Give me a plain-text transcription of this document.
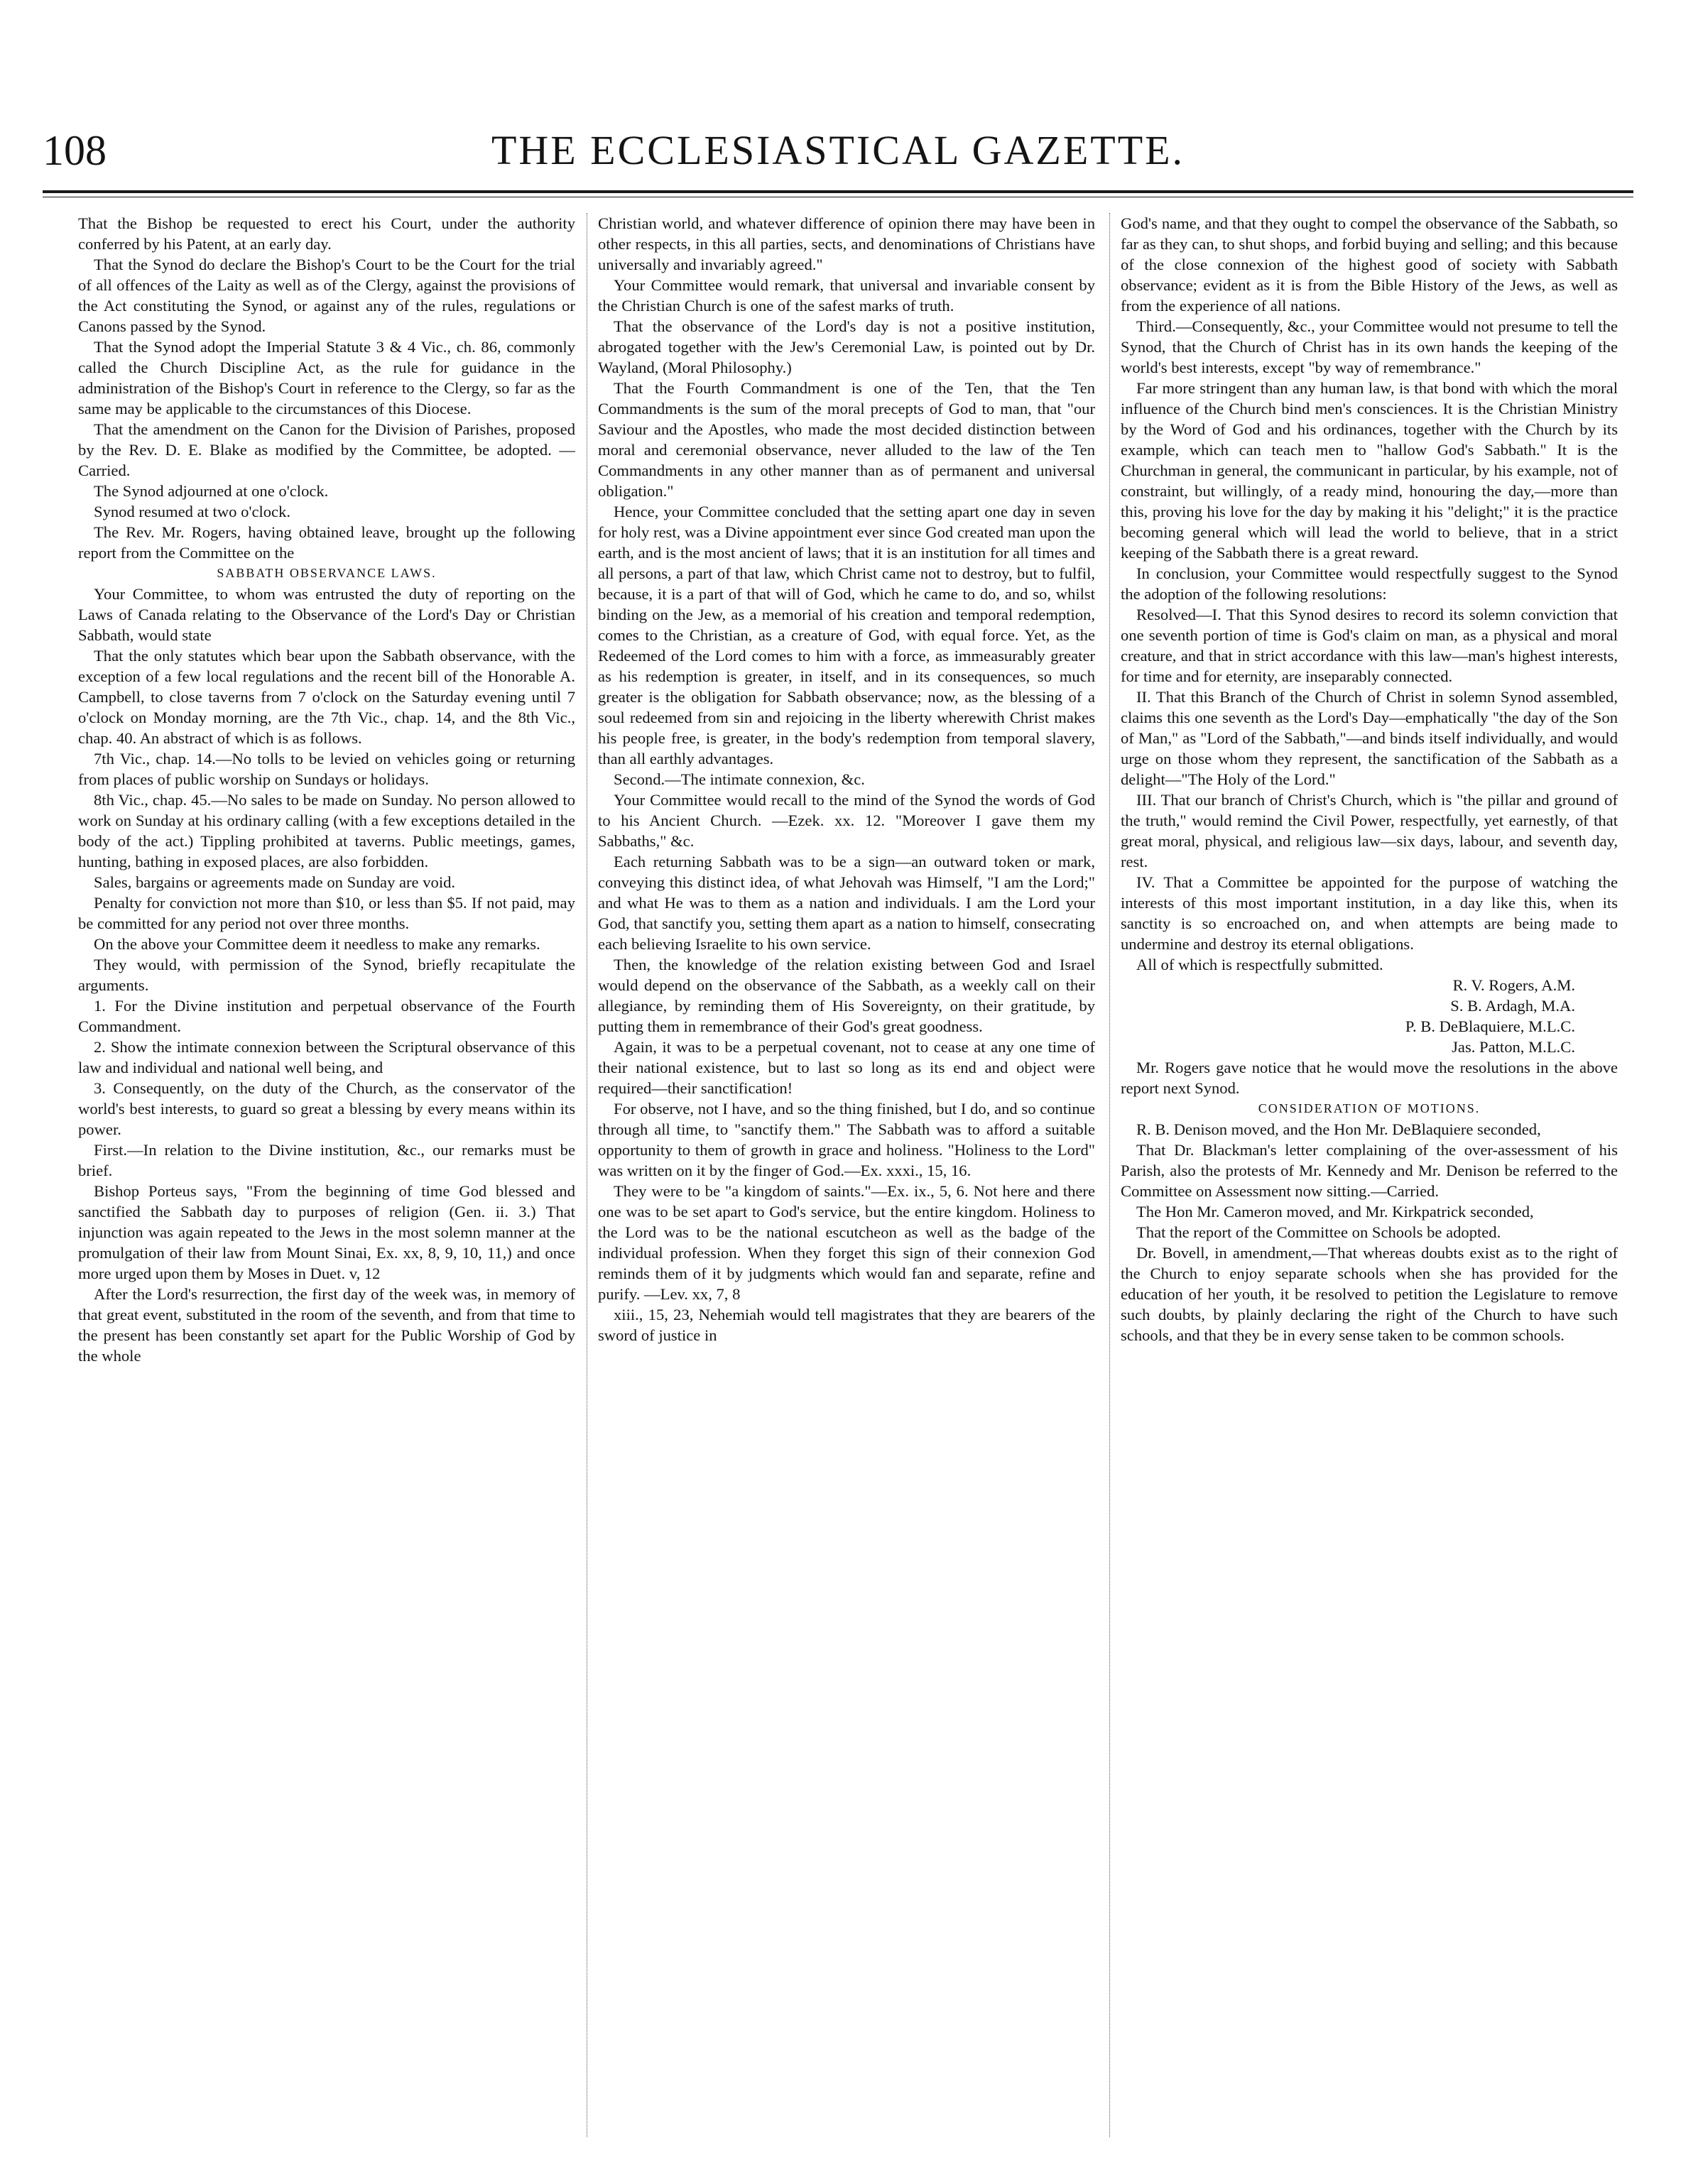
108	THE ECCLESIASTICAL GAZETTE.

That the Bishop be requested to erect his Court, under the authority conferred by his Patent, at an early day.

That the Synod do declare the Bishop's Court to be the Court for the trial of all offences of the Laity as well as of the Clergy, against the provisions of the Act constituting the Synod, or against any of the rules, regulations or Canons passed by the Synod.

That the Synod adopt the Imperial Statute 3 & 4 Vic., ch. 86, commonly called the Church Discipline Act, as the rule for guidance in the administration of the Bishop's Court in reference to the Clergy, so far as the same may be applicable to the circumstances of this Diocese.

That the amendment on the Canon for the Division of Parishes, proposed by the Rev. D. E. Blake as modified by the Committee, be adopted. —Carried.

The Synod adjourned at one o'clock.

Synod resumed at two o'clock.

The Rev. Mr. Rogers, having obtained leave, brought up the following report from the Committee on the

SABBATH OBSERVANCE LAWS.

Your Committee, to whom was entrusted the duty of reporting on the Laws of Canada relating to the Observance of the Lord's Day or Christian Sabbath, would state

That the only statutes which bear upon the Sabbath observance, with the exception of a few local regulations and the recent bill of the Honorable A. Campbell, to close taverns from 7 o'clock on the Saturday evening until 7 o'clock on Monday morning, are the 7th Vic., chap. 14, and the 8th Vic., chap. 40. An abstract of which is as follows.

7th Vic., chap. 14.—No tolls to be levied on vehicles going or returning from places of public worship on Sundays or holidays.

8th Vic., chap. 45.—No sales to be made on Sunday. No person allowed to work on Sunday at his ordinary calling (with a few exceptions detailed in the body of the act.) Tippling prohibited at taverns. Public meetings, games, hunting, bathing in exposed places, are also forbidden.

Sales, bargains or agreements made on Sunday are void.

Penalty for conviction not more than $10, or less than $5. If not paid, may be committed for any period not over three months.

On the above your Committee deem it needless to make any remarks.

They would, with permission of the Synod, briefly recapitulate the arguments.

1. For the Divine institution and perpetual observance of the Fourth Commandment.

2. Show the intimate connexion between the Scriptural observance of this law and individual and national well being, and

3. Consequently, on the duty of the Church, as the conservator of the world's best interests, to guard so great a blessing by every means within its power.

First.—In relation to the Divine institution, &c., our remarks must be brief.

Bishop Porteus says, "From the beginning of time God blessed and sanctified the Sabbath day to purposes of religion (Gen. ii. 3.) That injunction was again repeated to the Jews in the most solemn manner at the promulgation of their law from Mount Sinai, Ex. xx, 8, 9, 10, 11,) and once more urged upon them by Moses in Duet. v, 12

After the Lord's resurrection, the first day of the week was, in memory of that great event, substituted in the room of the seventh, and from that time to the present has been constantly set apart for the Public Worship of God by the whole

Christian world, and whatever difference of opinion there may have been in other respects, in this all parties, sects, and denominations of Christians have universally and invariably agreed."

Your Committee would remark, that universal and invariable consent by the Christian Church is one of the safest marks of truth.

That the observance of the Lord's day is not a positive institution, abrogated together with the Jew's Ceremonial Law, is pointed out by Dr. Wayland, (Moral Philosophy.)

That the Fourth Commandment is one of the Ten, that the Ten Commandments is the sum of the moral precepts of God to man, that "our Saviour and the Apostles, who made the most decided distinction between moral and ceremonial observance, never alluded to the law of the Ten Commandments in any other manner than as of permanent and universal obligation."

Hence, your Committee concluded that the setting apart one day in seven for holy rest, was a Divine appointment ever since God created man upon the earth, and is the most ancient of laws; that it is an institution for all times and all persons, a part of that law, which Christ came not to destroy, but to fulfil, because, it is a part of that will of God, which he came to do, and so, whilst binding on the Jew, as a memorial of his creation and temporal redemption, comes to the Christian, as a creature of God, with equal force. Yet, as the Redeemed of the Lord comes to him with a force, as immeasurably greater as his redemption is greater, in itself, and in its consequences, so much greater is the obligation for Sabbath observance; now, as the blessing of a soul redeemed from sin and rejoicing in the liberty wherewith Christ makes his people free, is greater, in the body's redemption from temporal slavery, than all earthly advantages.

Second.—The intimate connexion, &c.

Your Committee would recall to the mind of the Synod the words of God to his Ancient Church. —Ezek. xx. 12. "Moreover I gave them my Sabbaths," &c.

Each returning Sabbath was to be a sign—an outward token or mark, conveying this distinct idea, of what Jehovah was Himself, "I am the Lord;" and what He was to them as a nation and individuals. I am the Lord your God, that sanctify you, setting them apart as a nation to himself, consecrating each believing Israelite to his own service.

Then, the knowledge of the relation existing between God and Israel would depend on the observance of the Sabbath, as a weekly call on their allegiance, by reminding them of His Sovereignty, on their gratitude, by putting them in remembrance of their God's great goodness.

Again, it was to be a perpetual covenant, not to cease at any one time of their national existence, but to last so long as its end and object were required—their sanctification!

For observe, not I have, and so the thing finished, but I do, and so continue through all time, to "sanctify them." The Sabbath was to afford a suitable opportunity to them of growth in grace and holiness. "Holiness to the Lord" was written on it by the finger of God.—Ex. xxxi., 15, 16.

They were to be "a kingdom of saints."—Ex. ix., 5, 6. Not here and there one was to be set apart to God's service, but the entire kingdom. Holiness to the Lord was to be the national escutcheon as well as the badge of the individual profession. When they forget this sign of their connexion God reminds them of it by judgments which would fan and separate, refine and purify. —Lev. xx, 7, 8

xiii., 15, 23, Nehemiah would tell magistrates that they are bearers of the sword of justice in

God's name, and that they ought to compel the observance of the Sabbath, so far as they can, to shut shops, and forbid buying and selling; and this because of the close connexion of the highest good of society with Sabbath observance; evident as it is from the Bible History of the Jews, as well as from the experience of all nations.

Third.—Consequently, &c., your Committee would not presume to tell the Synod, that the Church of Christ has in its own hands the keeping of the world's best interests, except "by way of remembrance."

Far more stringent than any human law, is that bond with which the moral influence of the Church bind men's consciences. It is the Christian Ministry by the Word of God and his ordinances, together with the Church by its example, which can teach men to "hallow God's Sabbath." It is the Churchman in general, the communicant in particular, by his example, not of constraint, but willingly, of a ready mind, honouring the day,—more than this, proving his love for the day by making it his "delight;" it is the practice becoming general which will lead the world to believe, that in a strict keeping of the Sabbath there is a great reward.

In conclusion, your Committee would respectfully suggest to the Synod the adoption of the following resolutions:

Resolved—I. That this Synod desires to record its solemn conviction that one seventh portion of time is God's claim on man, as a physical and moral creature, and that in strict accordance with this law—man's highest interests, for time and for eternity, are inseparably connected.

II. That this Branch of the Church of Christ in solemn Synod assembled, claims this one seventh as the Lord's Day—emphatically "the day of the Son of Man," as "Lord of the Sabbath,"—and binds itself individually, and would urge on those whom they represent, the sanctification of the Sabbath as a delight—"The Holy of the Lord."

III. That our branch of Christ's Church, which is "the pillar and ground of the truth," would remind the Civil Power, respectfully, yet earnestly, of that great moral, physical, and religious law—six days, labour, and seventh day, rest.

IV. That a Committee be appointed for the purpose of watching the interests of this most important institution, in a day like this, when its sanctity is so encroached on, and when attempts are being made to undermine and destroy its eternal obligations.

All of which is respectfully submitted.

R. V. Rogers, A.M.

S. B. Ardagh, M.A.

P. B. DeBlaquiere, M.L.C.

Jas. Patton, M.L.C.

Mr. Rogers gave notice that he would move the resolutions in the above report next Synod.

CONSIDERATION OF MOTIONS.

R. B. Denison moved, and the Hon Mr. DeBlaquiere seconded,

That Dr. Blackman's letter complaining of the over-assessment of his Parish, also the protests of Mr. Kennedy and Mr. Denison be referred to the Committee on Assessment now sitting.—Carried.

The Hon Mr. Cameron moved, and Mr. Kirkpatrick seconded,

That the report of the Committee on Schools be adopted.

Dr. Bovell, in amendment,—That whereas doubts exist as to the right of the Church to enjoy separate schools when she has provided for the education of her youth, it be resolved to petition the Legislature to remove such doubts, by plainly declaring the right of the Church to have such schools, and that they be in every sense taken to be common schools.
